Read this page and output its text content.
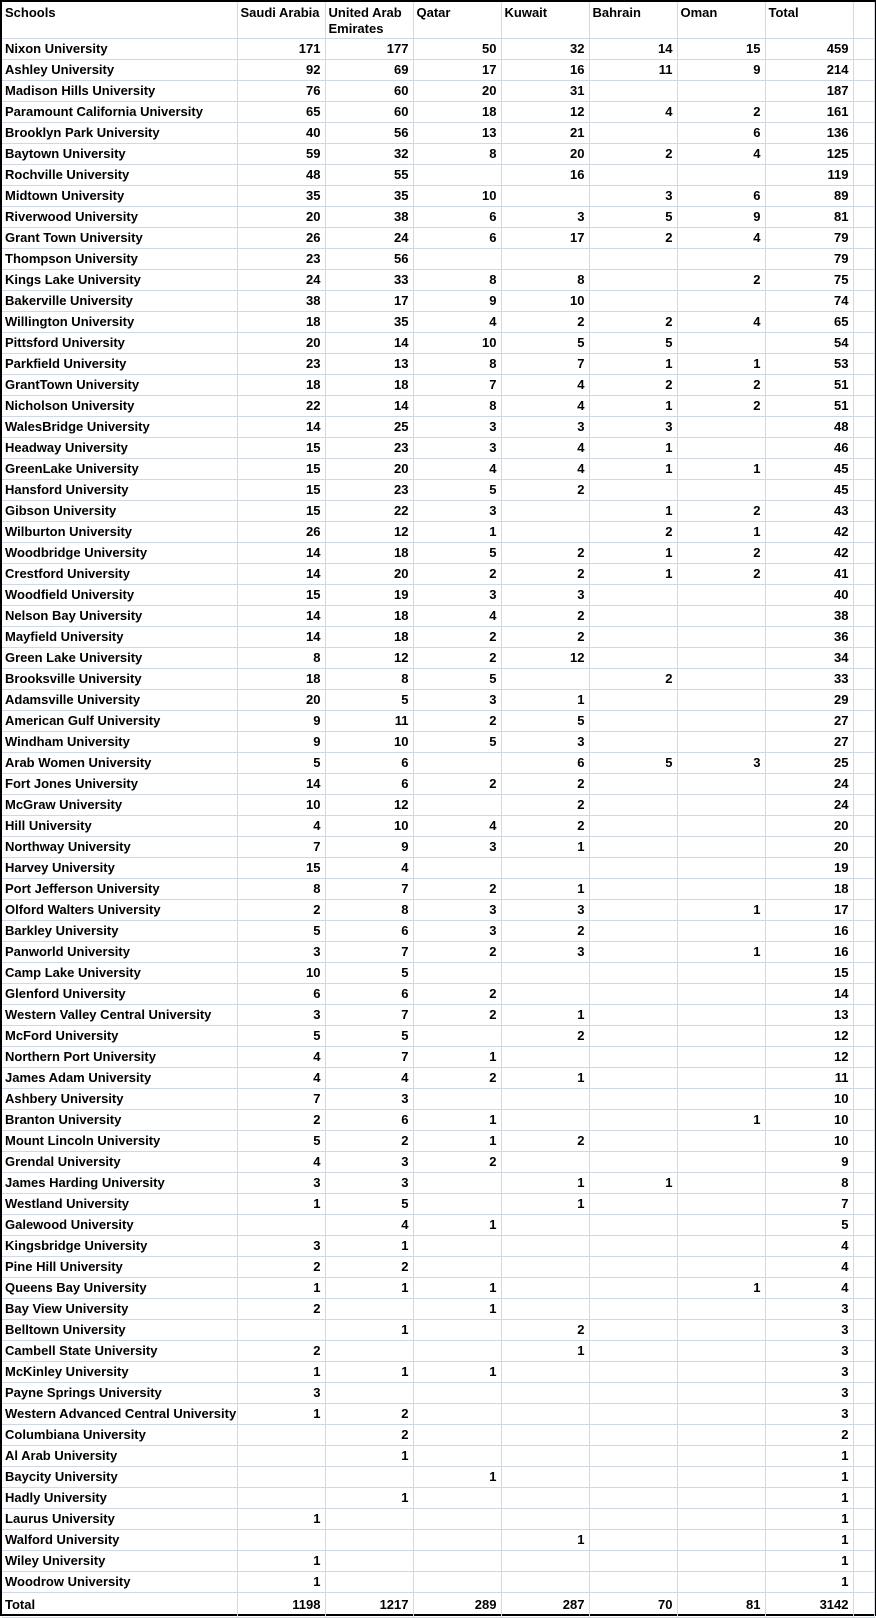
Schools	Saudi Arabia	United Arab Emirates	Qatar	Kuwait	Bahrain	Oman	Total	
Nixon University	171	177	50	32	14	15	459	
Ashley University	92	69	17	16	11	9	214	
Madison Hills University	76	60	20	31			187	
Paramount California University	65	60	18	12	4	2	161	
Brooklyn Park University	40	56	13	21		6	136	
Baytown University	59	32	8	20	2	4	125	
Rochville University	48	55		16			119	
Midtown University	35	35	10		3	6	89	
Riverwood University	20	38	6	3	5	9	81	
Grant Town University	26	24	6	17	2	4	79	
Thompson University	23	56					79	
Kings Lake University	24	33	8	8		2	75	
Bakerville University	38	17	9	10			74	
Willington University	18	35	4	2	2	4	65	
Pittsford University	20	14	10	5	5		54	
Parkfield University	23	13	8	7	1	1	53	
GrantTown University	18	18	7	4	2	2	51	
Nicholson University	22	14	8	4	1	2	51	
WalesBridge University	14	25	3	3	3		48	
Headway University	15	23	3	4	1		46	
GreenLake University	15	20	4	4	1	1	45	
Hansford University	15	23	5	2			45	
Gibson University	15	22	3		1	2	43	
Wilburton University	26	12	1		2	1	42	
Woodbridge University	14	18	5	2	1	2	42	
Crestford University	14	20	2	2	1	2	41	
Woodfield University	15	19	3	3			40	
Nelson Bay University	14	18	4	2			38	
Mayfield University	14	18	2	2			36	
Green Lake University	8	12	2	12			34	
Brooksville University	18	8	5		2		33	
Adamsville University	20	5	3	1			29	
American Gulf University	9	11	2	5			27	
Windham University	9	10	5	3			27	
Arab Women University	5	6		6	5	3	25	
Fort Jones University	14	6	2	2			24	
McGraw University	10	12		2			24	
Hill University	4	10	4	2			20	
Northway University	7	9	3	1			20	
Harvey University	15	4					19	
Port Jefferson University	8	7	2	1			18	
Olford Walters University	2	8	3	3		1	17	
Barkley University	5	6	3	2			16	
Panworld University	3	7	2	3		1	16	
Camp Lake University	10	5					15	
Glenford University	6	6	2				14	
Western Valley Central University	3	7	2	1			13	
McFord University	5	5		2			12	
Northern Port University	4	7	1				12	
James Adam University	4	4	2	1			11	
Ashbery University	7	3					10	
Branton University	2	6	1			1	10	
Mount Lincoln University	5	2	1	2			10	
Grendal University	4	3	2				9	
James Harding University	3	3		1	1		8	
Westland University	1	5		1			7	
Galewood University		4	1				5	
Kingsbridge University	3	1					4	
Pine Hill University	2	2					4	
Queens Bay University	1	1	1			1	4	
Bay View University	2		1				3	
Belltown University		1		2			3	
Cambell State University	2			1			3	
McKinley University	1	1	1				3	
Payne Springs University	3						3	
Western Advanced Central University	1	2					3	
Columbiana University		2					2	
Al Arab University		1					1	
Baycity University			1				1	
Hadly University		1					1	
Laurus University	1						1	
Walford University				1			1	
Wiley University	1						1	
Woodrow University	1						1	
Total	1198	1217	289	287	70	81	3142	
